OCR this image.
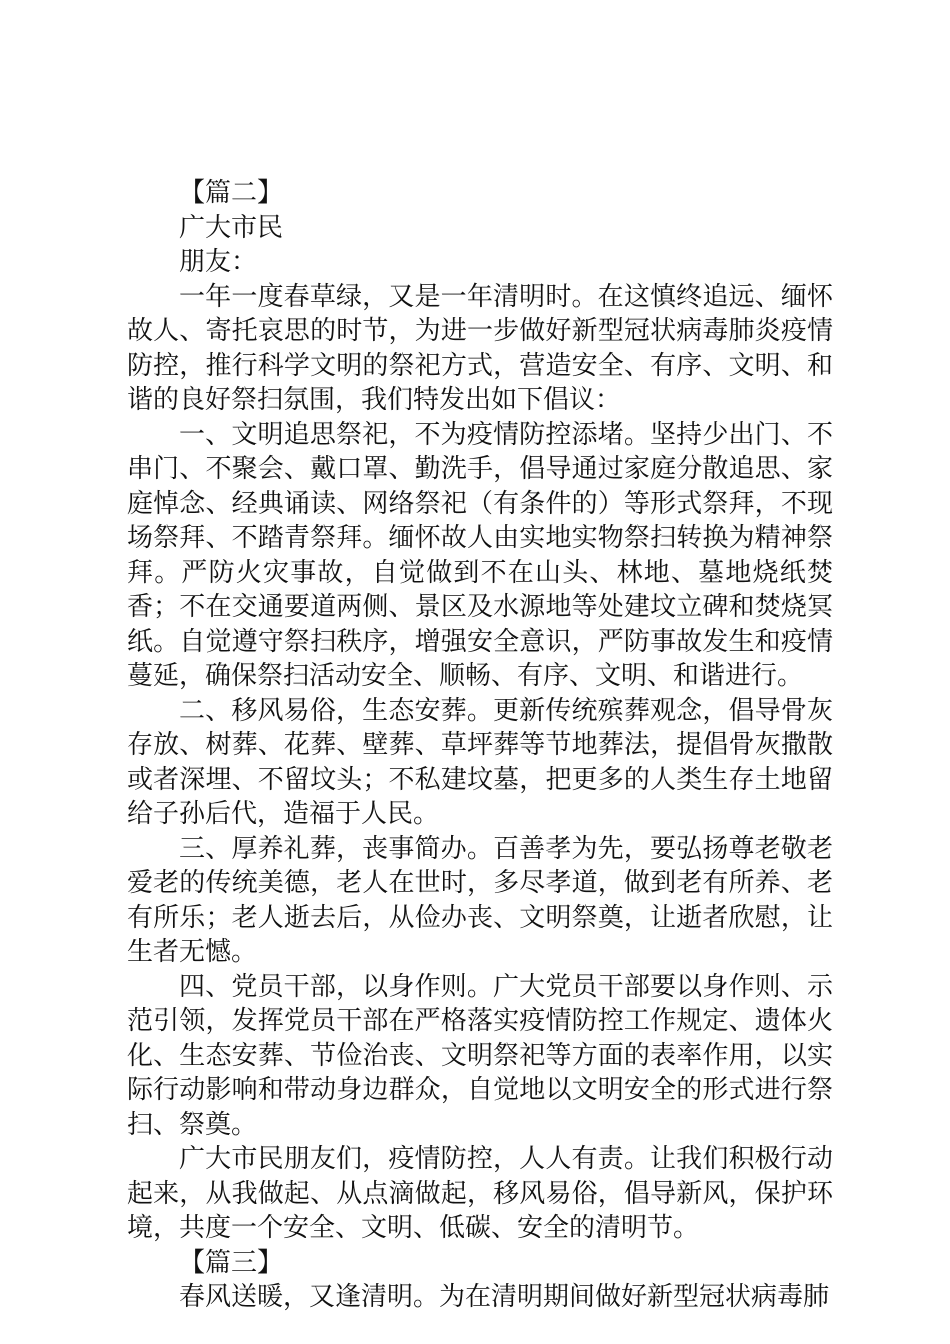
【篇二】

广大市民

朋友：

一年一度春草绿，又是一年清明时。在这慎终追远、缅怀故人、寄托哀思的时节，为进一步做好新型冠状病毒肺炎疫情防控，推行科学文明的祭祀方式，营造安全、有序、文明、和谐的良好祭扫氛围，我们特发出如下倡议：

一、文明追思祭祀，不为疫情防控添堵。坚持少出门、不串门、不聚会、戴口罩、勤洗手，倡导通过家庭分散追思、家庭悼念、经典诵读、网络祭祀（有条件的）等形式祭拜，不现场祭拜、不踏青祭拜。缅怀故人由实地实物祭扫转换为精神祭拜。严防火灾事故，自觉做到不在山头、林地、墓地烧纸焚香；不在交通要道两侧、景区及水源地等处建坟立碑和焚烧冥纸。自觉遵守祭扫秩序，增强安全意识，严防事故发生和疫情蔓延，确保祭扫活动安全、顺畅、有序、文明、和谐进行。

二、移风易俗，生态安葬。更新传统殡葬观念，倡导骨灰存放、树葬、花葬、壁葬、草坪葬等节地葬法，提倡骨灰撒散或者深埋、不留坟头；不私建坟墓，把更多的人类生存土地留给子孙后代，造福于人民。

三、厚养礼葬，丧事简办。百善孝为先，要弘扬尊老敬老爱老的传统美德，老人在世时，多尽孝道，做到老有所养、老有所乐；老人逝去后，从俭办丧、文明祭奠，让逝者欣慰，让生者无憾。

四、党员干部，以身作则。广大党员干部要以身作则、示范引领，发挥党员干部在严格落实疫情防控工作规定、遗体火化、生态安葬、节俭治丧、文明祭祀等方面的表率作用，以实际行动影响和带动身边群众，自觉地以文明安全的形式进行祭扫、祭奠。

广大市民朋友们，疫情防控，人人有责。让我们积极行动起来，从我做起、从点滴做起，移风易俗，倡导新风，保护环境，共度一个安全、文明、低碳、安全的清明节。

【篇三】

春风送暖，又逢清明。为在清明期间做好新型冠状病毒肺
